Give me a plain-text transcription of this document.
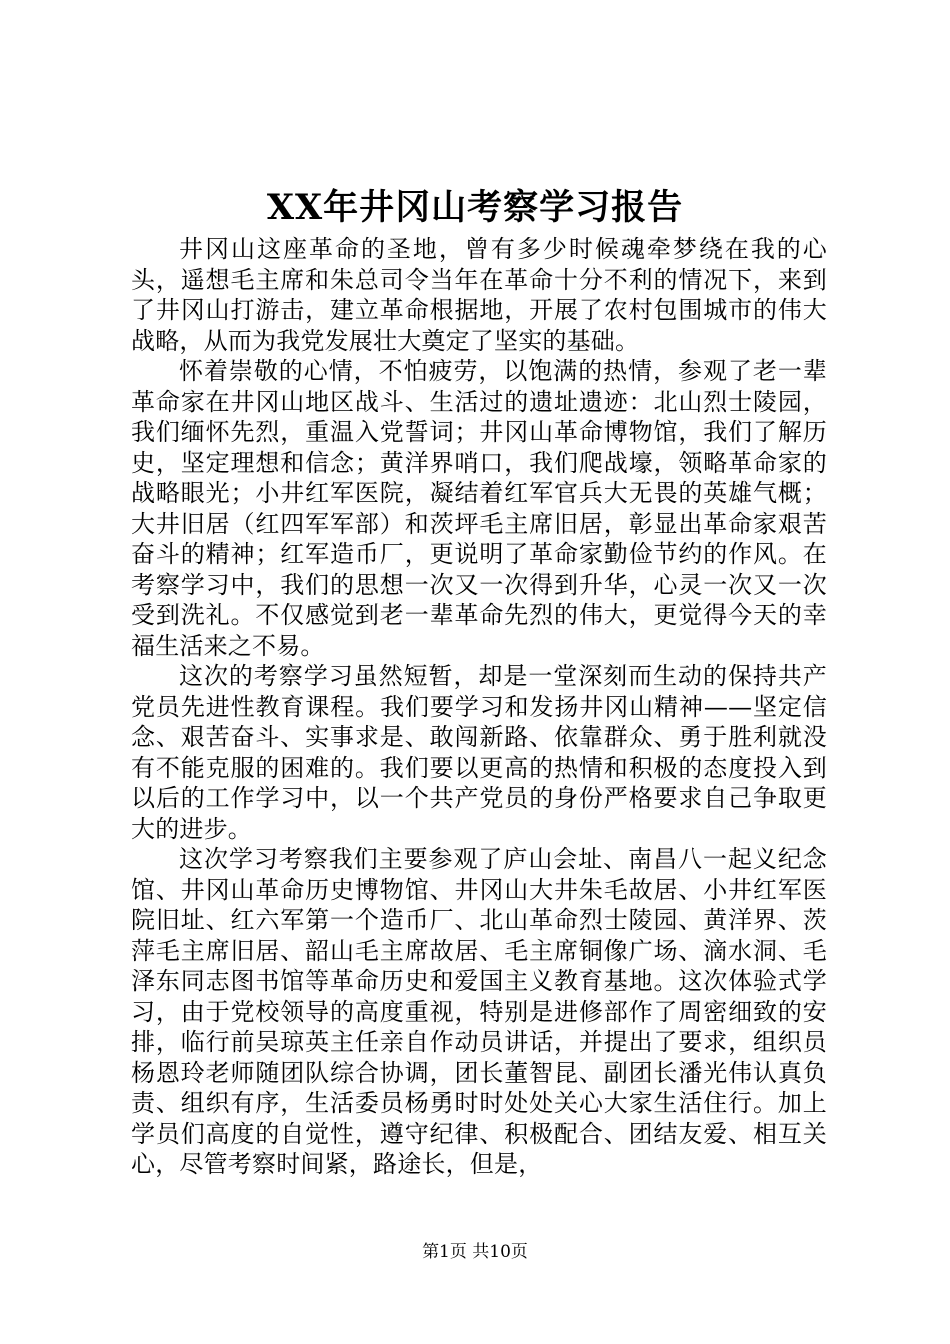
XX年井冈山考察学习报告

井冈山这座革命的圣地，曾有多少时候魂牵梦绕在我的心头，遥想毛主席和朱总司令当年在革命十分不利的情况下，来到了井冈山打游击，建立革命根据地，开展了农村包围城市的伟大战略，从而为我党发展壮大奠定了坚实的基础。

怀着崇敬的心情，不怕疲劳，以饱满的热情，参观了老一辈革命家在井冈山地区战斗、生活过的遗址遗迹：北山烈士陵园，我们缅怀先烈，重温入党誓词；井冈山革命博物馆，我们了解历史，坚定理想和信念；黄洋界哨口，我们爬战壕，领略革命家的战略眼光；小井红军医院，凝结着红军官兵大无畏的英雄气概；大井旧居（红四军军部）和茨坪毛主席旧居，彰显出革命家艰苦奋斗的精神；红军造币厂，更说明了革命家勤俭节约的作风。在考察学习中，我们的思想一次又一次得到升华，心灵一次又一次受到洗礼。不仅感觉到老一辈革命先烈的伟大，更觉得今天的幸福生活来之不易。

这次的考察学习虽然短暂，却是一堂深刻而生动的保持共产党员先进性教育课程。我们要学习和发扬井冈山精神——坚定信念、艰苦奋斗、实事求是、敢闯新路、依靠群众、勇于胜利就没有不能克服的困难的。我们要以更高的热情和积极的态度投入到以后的工作学习中，以一个共产党员的身份严格要求自己争取更大的进步。

这次学习考察我们主要参观了庐山会址、南昌八一起义纪念馆、井冈山革命历史博物馆、井冈山大井朱毛故居、小井红军医院旧址、红六军第一个造币厂、北山革命烈士陵园、黄洋界、茨萍毛主席旧居、韶山毛主席故居、毛主席铜像广场、滴水洞、毛泽东同志图书馆等革命历史和爱国主义教育基地。这次体验式学习，由于党校领导的高度重视，特别是进修部作了周密细致的安排，临行前吴琼英主任亲自作动员讲话，并提出了要求，组织员杨恩玲老师随团队综合协调，团长董智昆、副团长潘光伟认真负责、组织有序，生活委员杨勇时时处处关心大家生活住行。加上学员们高度的自觉性，遵守纪律、积极配合、团结友爱、相互关心，尽管考察时间紧，路途长，但是，

第1页 共10页
